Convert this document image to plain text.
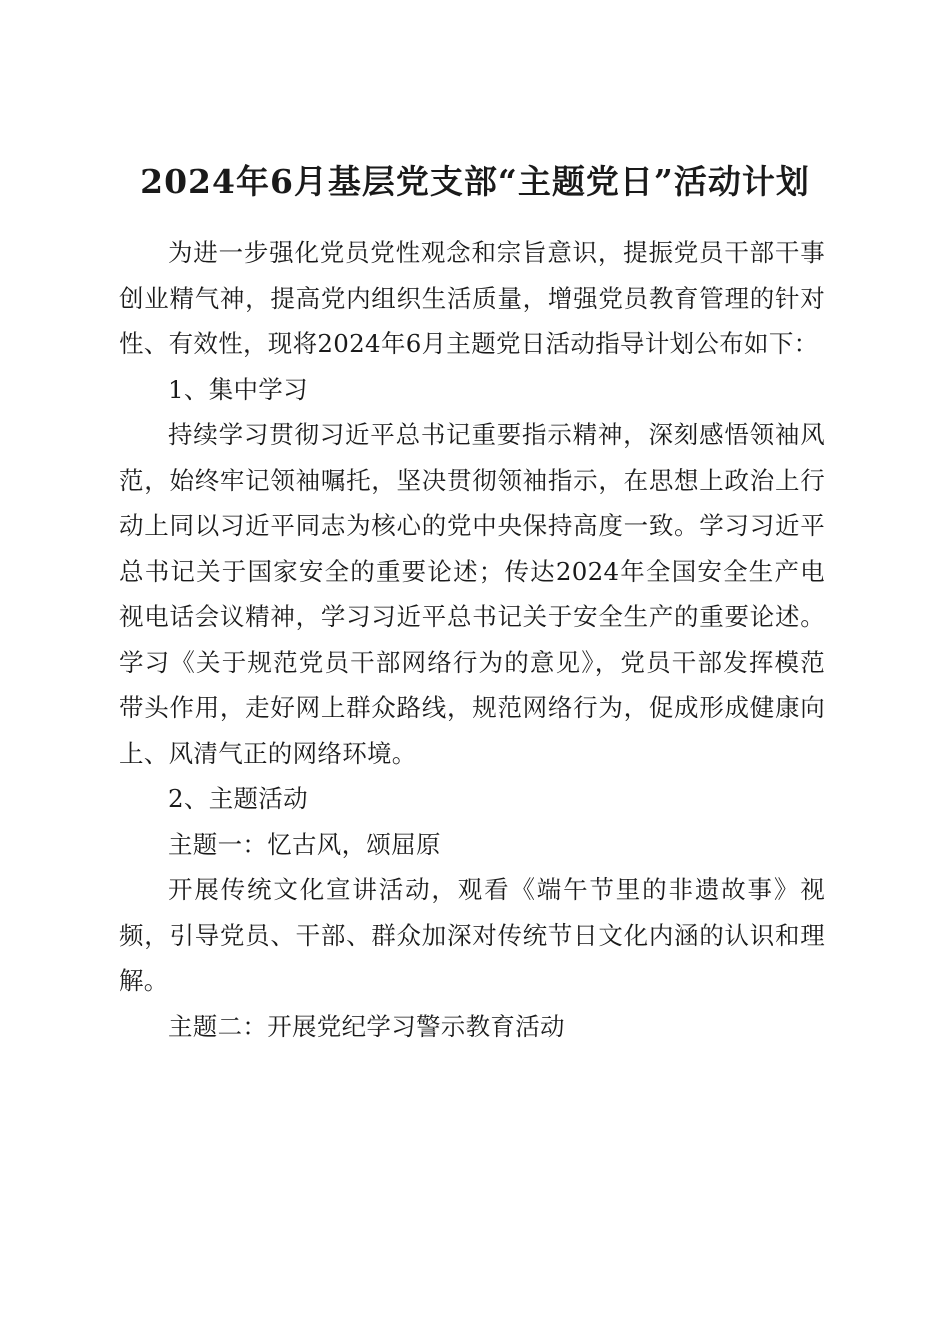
2024年6月基层党支部“主题党日”活动计划

为进一步强化党员党性观念和宗旨意识，提振党员干部干事创业精气神，提高党内组织生活质量，增强党员教育管理的针对性、有效性，现将2024年6月主题党日活动指导计划公布如下：

1、集中学习

持续学习贯彻习近平总书记重要指示精神，深刻感悟领袖风范，始终牢记领袖嘱托，坚决贯彻领袖指示，在思想上政治上行动上同以习近平同志为核心的党中央保持高度一致。学习习近平总书记关于国家安全的重要论述；传达2024年全国安全生产电视电话会议精神，学习习近平总书记关于安全生产的重要论述。学习《关于规范党员干部网络行为的意见》，党员干部发挥模范带头作用，走好网上群众路线，规范网络行为，促成形成健康向上、风清气正的网络环境。

2、主题活动

主题一：忆古风，颂屈原

开展传统文化宣讲活动，观看《端午节里的非遗故事》视频，引导党员、干部、群众加深对传统节日文化内涵的认识和理解。

主题二：开展党纪学习警示教育活动
